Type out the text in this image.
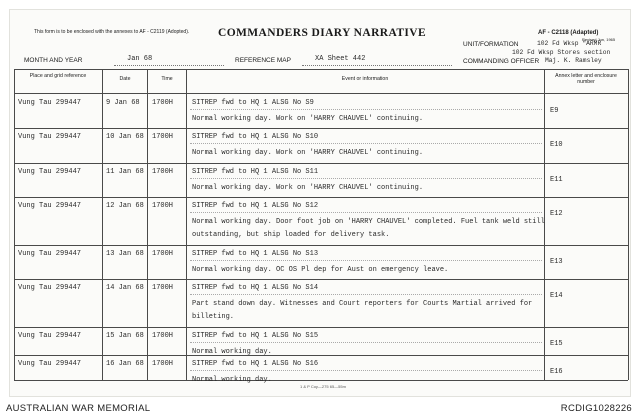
This form is to be enclosed with the annexes to AF - C2119 (Adopted). COMMANDERS DIARY NARRATIVE	AF - C2118 (Adapted)
Revised Jun, 1965
MONTH AND YEAR	Jan 68	REFERENCE MAP	XA Sheet 442
UNIT/FORMATION	102 Fd Wksp "ARMR
102 Fd Wksp Stores section
COMMANDING OFFICER Maj. K. Ramsley
Place and grid reference	Date	Time	Event or information	Annex letter and enclosure number
Vung Tau 299447	9 Jan 68 1700H	SITREP fwd to HQ 1 ALSG No S9
Normal working day. Work on 'HARRY CHAUVEL' continuing.
E9
Vung Tau 299447	10 Jan 68 1700H	SITREP fwd to HQ 1 ALSG No S10
Normal working day. Work on 'HARRY CHAUVEL' continuing.
E10
Vung Tau 299447	11 Jan 68 1700H	SITREP fwd to HQ 1 ALSG No S11
Normal working day. Work on 'HARRY CHAUVEL' continuing.
E11
Vung Tau 299447	12 Jan 68 1700H	SITREP fwd to HQ 1 ALSG No S12
Normal working day. Door foot job on 'HARRY CHAUVEL' completed. Fuel tank weld still
outstanding, but ship loaded for delivery task.
E12
Vung Tau 299447	13 Jan 68 1700H	SITREP fwd to HQ 1 ALSG No S13
Normal working day. OC OS Pl dep for Aust on emergency leave.
E13
Vung Tau 299447	14 Jan 68 1700H	SITREP fwd to HQ 1 ALSG No S14
Part stand down day. Witnesses and Court reporters for Courts Martial arrived for
billeting.
E14
Vung Tau 299447	15 Jan 68 1700H	SITREP fwd to HQ 1 ALSG No S15
Normal working day.
E15
Vung Tau 299447	16 Jan 68 1700H	SITREP fwd to HQ 1 ALSG No S16
Normal working day.
E16
1 & P Coy—275 65—55m
AUSTRALIAN WAR MEMORIAL	RCDIG1028226
